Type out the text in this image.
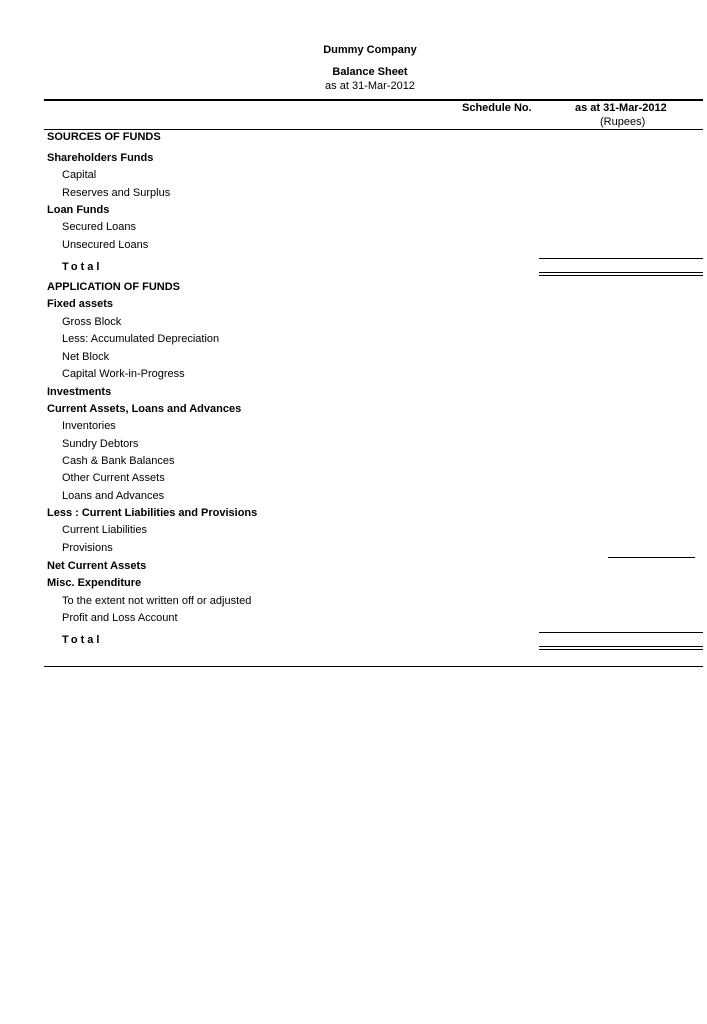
Dummy Company
Balance Sheet
as at 31-Mar-2012
Schedule No.	as at 31-Mar-2012
(Rupees)
SOURCES OF FUNDS
Shareholders Funds
Capital
Reserves and Surplus
Loan Funds
Secured Loans
Unsecured Loans
Total
APPLICATION OF FUNDS
Fixed assets
Gross Block
Less: Accumulated Depreciation
Net Block
Capital Work-in-Progress
Investments
Current Assets, Loans and Advances
Inventories
Sundry Debtors
Cash & Bank Balances
Other Current Assets
Loans and Advances
Less : Current Liabilities and Provisions
Current Liabilities
Provisions
Net Current Assets
Misc. Expenditure
To the extent not written off or adjusted
Profit and Loss Account
Total
